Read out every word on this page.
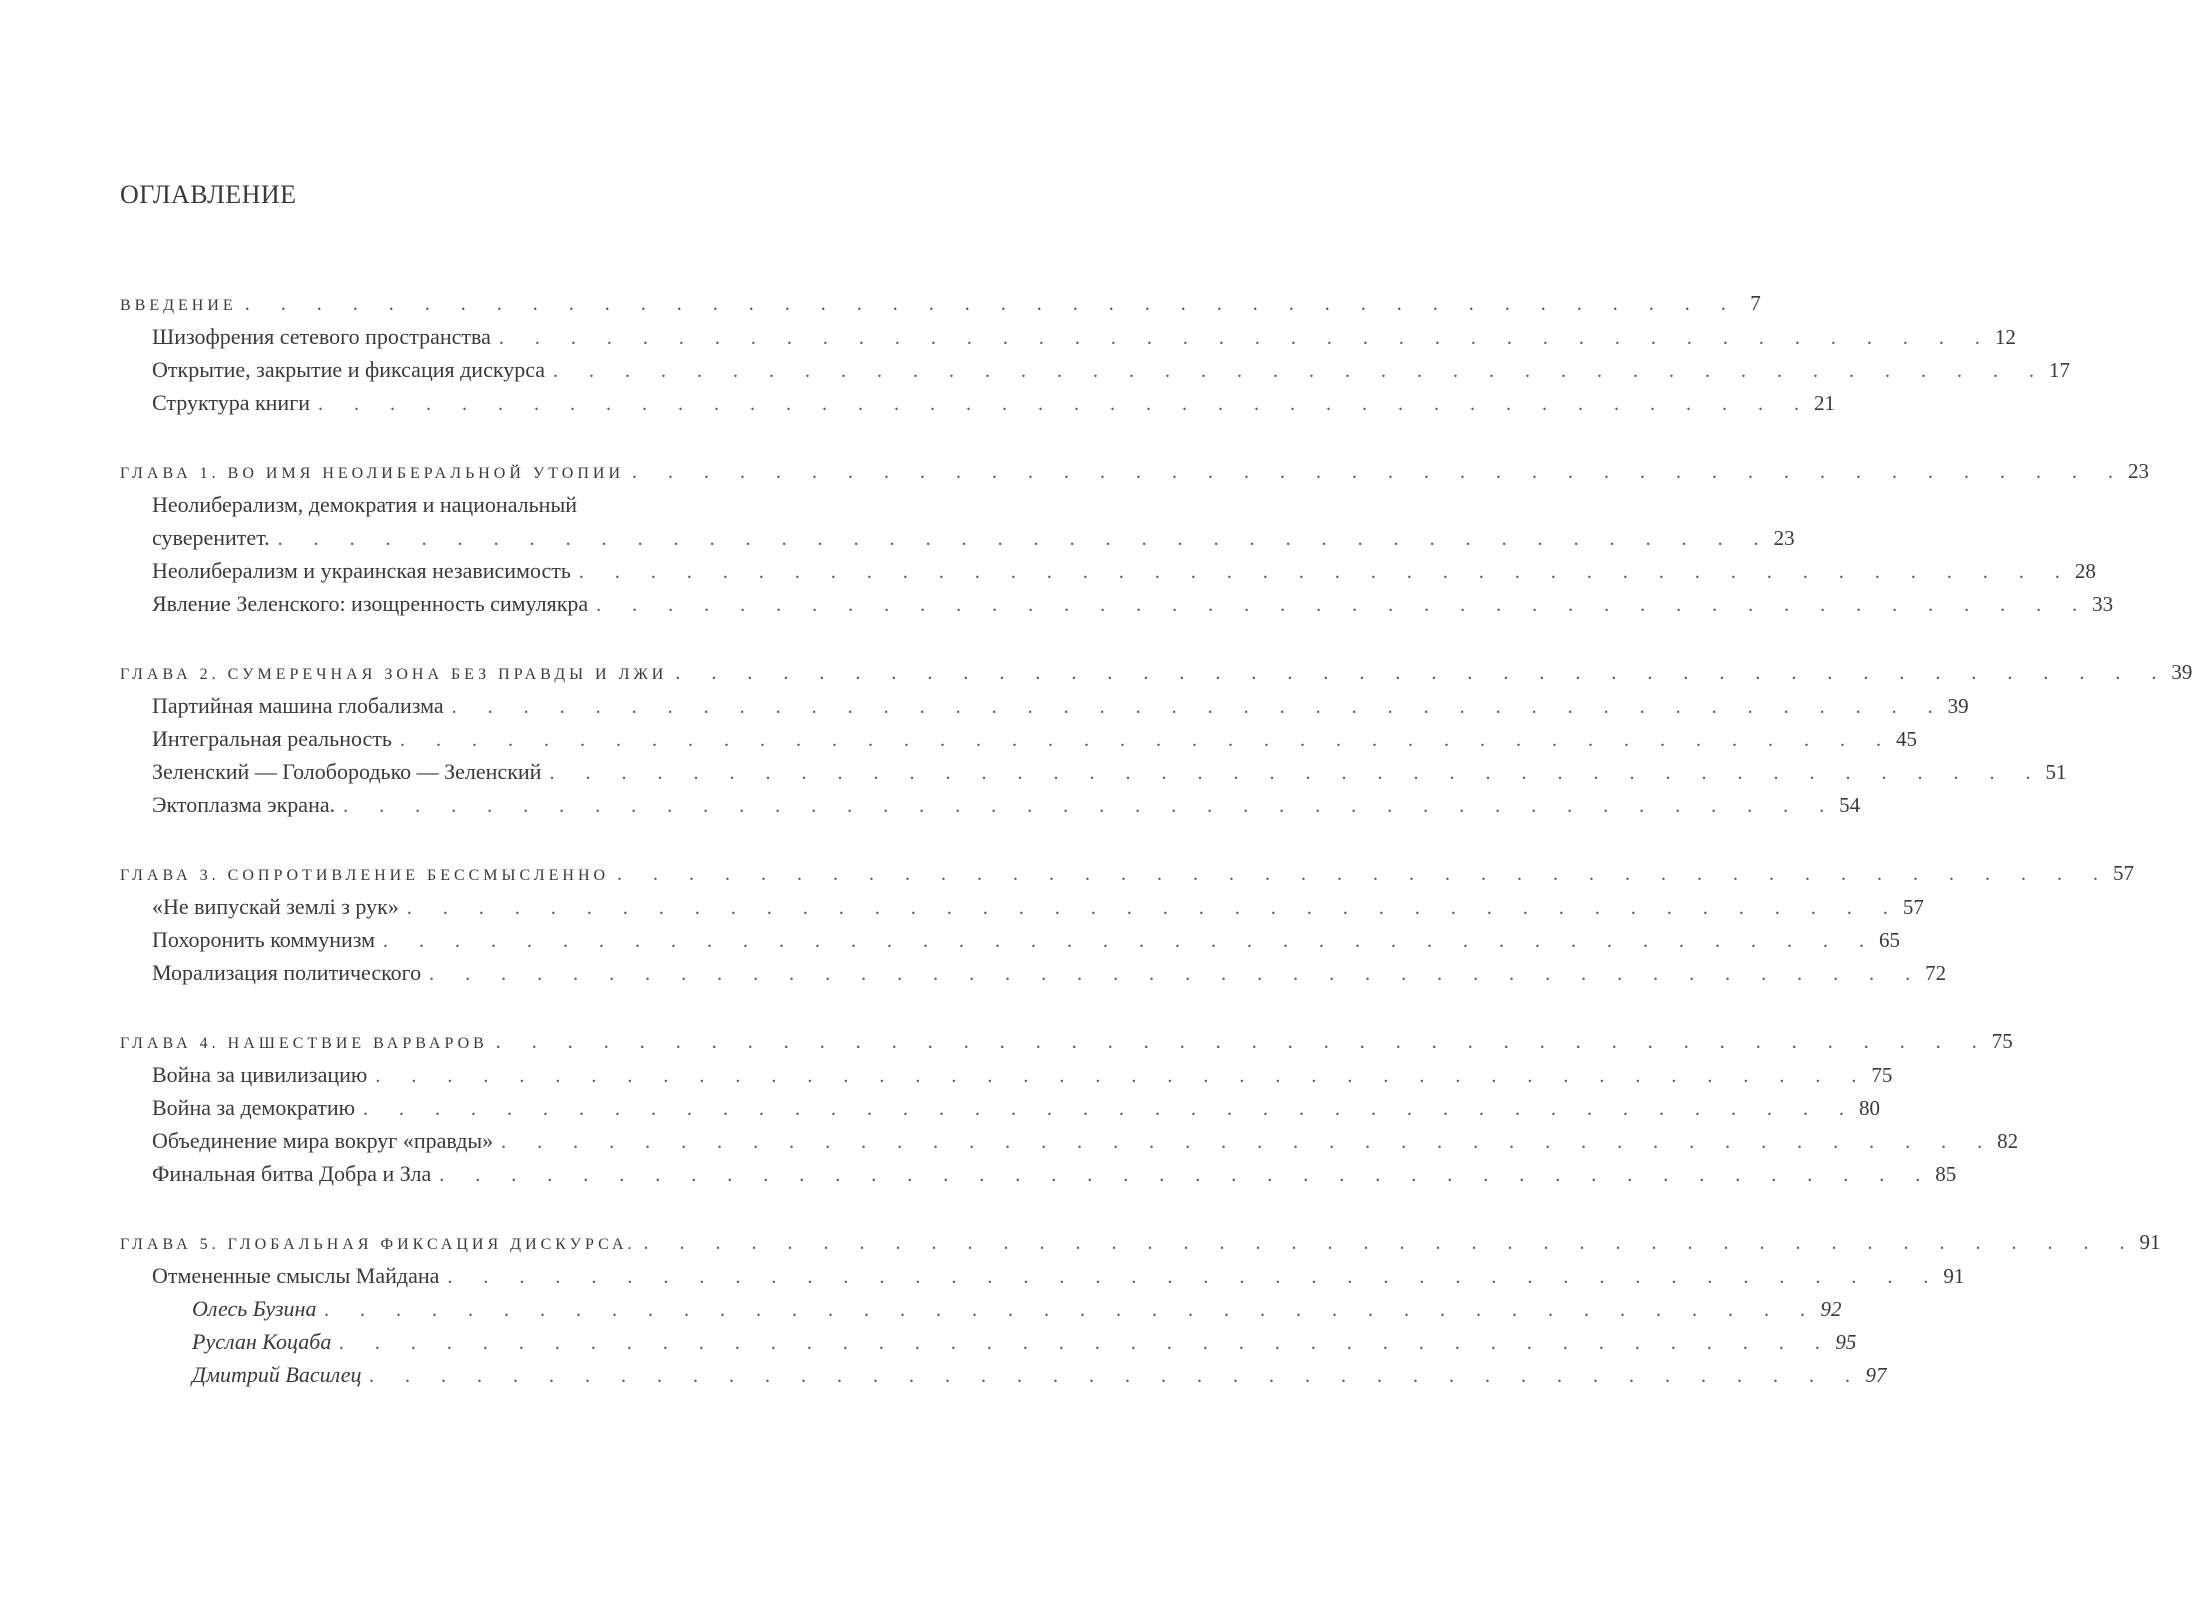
ОГЛАВЛЕНИЕ
ВВЕДЕНИЕ . . . . . . . . . . . . . . . . . . . . . . . . . . . . . . . . . . . . . . . . . . 7
Шизофрения сетевого пространства . . . . . . . . . . . . . . . . . . . . . . . . . . . . . . . . . . . . . . . . . . 12
Открытие, закрытие и фиксация дискурса . . . . . . . . . . . . . . . . . . . . . . . . . . . . . . . . . . . . . . . . . . 17
Структура книги . . . . . . . . . . . . . . . . . . . . . . . . . . . . . . . . . . . . . . . . . . 21
ГЛАВА 1. ВО ИМЯ НЕОЛИБЕРАЛЬНОЙ УТОПИИ . . . . . . . . . . . . . . . . . . . . . . . . . . . . . . . . . . . . . . . . . . 23
Неолиберализм, демократия и национальный
суверенитет. . . . . . . . . . . . . . . . . . . . . . . . . . . . . . . . . . . . . . . . . . . 23
Неолиберализм и украинская независимость . . . . . . . . . . . . . . . . . . . . . . . . . . . . . . . . . . . . . . . . . . 28
Явление Зеленского: изощренность симулякра . . . . . . . . . . . . . . . . . . . . . . . . . . . . . . . . . . . . . . . . . . 33
ГЛАВА 2. СУМЕРЕЧНАЯ ЗОНА БЕЗ ПРАВДЫ И ЛЖИ . . . . . . . . . . . . . . . . . . . . . . . . . . . . . . . . . . . . . . . . . . 39
Партийная машина глобализма . . . . . . . . . . . . . . . . . . . . . . . . . . . . . . . . . . . . . . . . . . 39
Интегральная реальность . . . . . . . . . . . . . . . . . . . . . . . . . . . . . . . . . . . . . . . . . . 45
Зеленский — Голобородько — Зеленский . . . . . . . . . . . . . . . . . . . . . . . . . . . . . . . . . . . . . . . . . . 51
Эктоплазма экрана. . . . . . . . . . . . . . . . . . . . . . . . . . . . . . . . . . . . . . . . . . . 54
ГЛАВА 3. СОПРОТИВЛЕНИЕ БЕССМЫСЛЕННО . . . . . . . . . . . . . . . . . . . . . . . . . . . . . . . . . . . . . . . . . . 57
«Не випускай землі з рук» . . . . . . . . . . . . . . . . . . . . . . . . . . . . . . . . . . . . . . . . . . 57
Похоронить коммунизм . . . . . . . . . . . . . . . . . . . . . . . . . . . . . . . . . . . . . . . . . . 65
Морализация политического . . . . . . . . . . . . . . . . . . . . . . . . . . . . . . . . . . . . . . . . . . 72
ГЛАВА 4. НАШЕСТВИЕ ВАРВАРОВ . . . . . . . . . . . . . . . . . . . . . . . . . . . . . . . . . . . . . . . . . . 75
Война за цивилизацию . . . . . . . . . . . . . . . . . . . . . . . . . . . . . . . . . . . . . . . . . . 75
Война за демократию . . . . . . . . . . . . . . . . . . . . . . . . . . . . . . . . . . . . . . . . . . 80
Объединение мира вокруг «правды» . . . . . . . . . . . . . . . . . . . . . . . . . . . . . . . . . . . . . . . . . . 82
Финальная битва Добра и Зла . . . . . . . . . . . . . . . . . . . . . . . . . . . . . . . . . . . . . . . . . . 85
ГЛАВА 5. ГЛОБАЛЬНАЯ ФИКСАЦИЯ ДИСКУРСА. . . . . . . . . . . . . . . . . . . . . . . . . . . . . . . . . . . . . . . . . . . 91
Отмененные смыслы Майдана . . . . . . . . . . . . . . . . . . . . . . . . . . . . . . . . . . . . . . . . . . 91
Олесь Бузина . . . . . . . . . . . . . . . . . . . . . . . . . . . . . . . . . . . . . . . . . . 92
Руслан Коцаба . . . . . . . . . . . . . . . . . . . . . . . . . . . . . . . . . . . . . . . . . . 95
Дмитрий Василец . . . . . . . . . . . . . . . . . . . . . . . . . . . . . . . . . . . . . . . . . . 97
